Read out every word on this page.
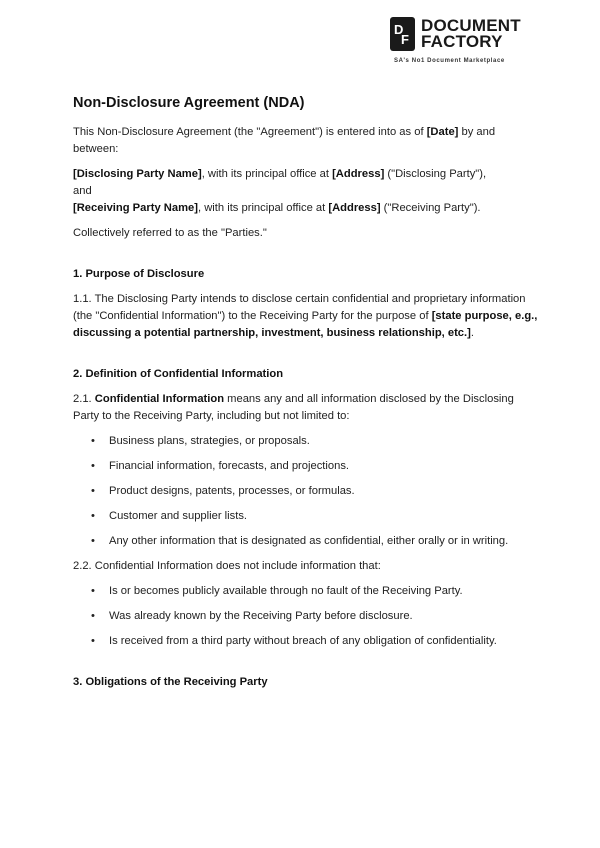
D
F
DOCUMENT
FACTORY
SA's No1 Document Marketplace
Non-Disclosure Agreement (NDA)

This Non-Disclosure Agreement (the "Agreement") is entered into as of [Date] by and between:

[Disclosing Party Name], with its principal office at [Address] ("Disclosing Party"),

and

[Receiving Party Name], with its principal office at [Address] ("Receiving Party").

Collectively referred to as the "Parties."

1. Purpose of Disclosure

1.1. The Disclosing Party intends to disclose certain confidential and proprietary information (the "Confidential Information") to the Receiving Party for the purpose of [state purpose, e.g., discussing a potential partnership, investment, business relationship, etc.].

2. Definition of Confidential Information

2.1. Confidential Information means any and all information disclosed by the Disclosing Party to the Receiving Party, including but not limited to:

• Business plans, strategies, or proposals.
• Financial information, forecasts, and projections.
• Product designs, patents, processes, or formulas.
• Customer and supplier lists.
• Any other information that is designated as confidential, either orally or in writing.

2.2. Confidential Information does not include information that:

• Is or becomes publicly available through no fault of the Receiving Party.
• Was already known by the Receiving Party before disclosure.
• Is received from a third party without breach of any obligation of confidentiality.
3. Obligations of the Receiving Party
